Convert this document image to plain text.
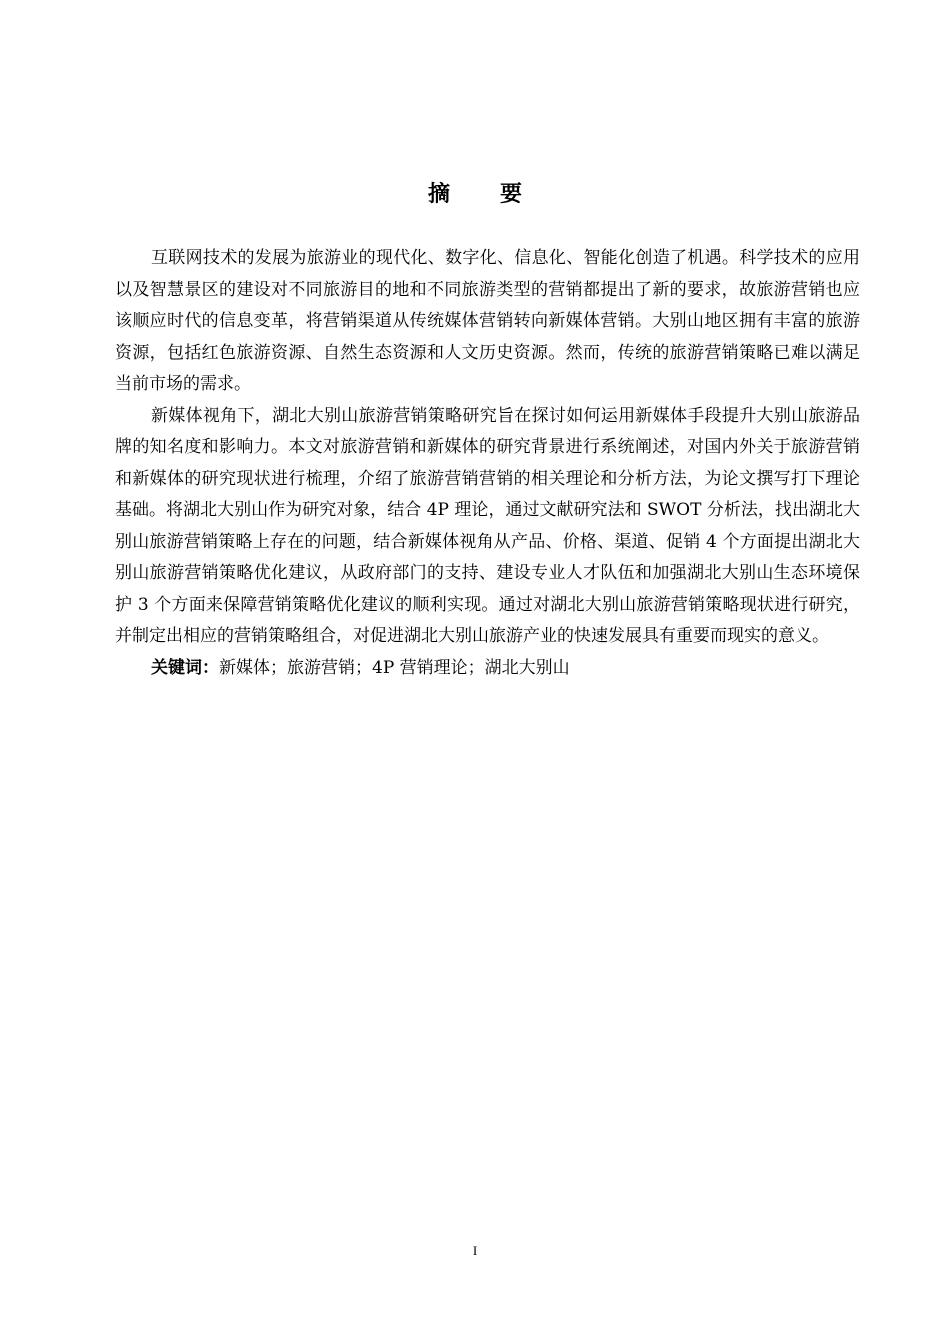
摘要

互联网技术的发展为旅游业的现代化、数字化、信息化、智能化创造了机遇。科学技术的应用以及智慧景区的建设对不同旅游目的地和不同旅游类型的营销都提出了新的要求，故旅游营销也应该顺应时代的信息变革，将营销渠道从传统媒体营销转向新媒体营销。大别山地区拥有丰富的旅游资源，包括红色旅游资源、自然生态资源和人文历史资源。然而，传统的旅游营销策略已难以满足当前市场的需求。

新媒体视角下，湖北大别山旅游营销策略研究旨在探讨如何运用新媒体手段提升大别山旅游品牌的知名度和影响力。本文对旅游营销和新媒体的研究背景进行系统阐述，对国内外关于旅游营销和新媒体的研究现状进行梳理，介绍了旅游营销营销的相关理论和分析方法，为论文撰写打下理论基础。将湖北大别山作为研究对象，结合 4P 理论，通过文献研究法和 SWOT 分析法，找出湖北大别山旅游营销策略上存在的问题，结合新媒体视角从产品、价格、渠道、促销 4 个方面提出湖北大别山旅游营销策略优化建议，从政府部门的支持、建设专业人才队伍和加强湖北大别山生态环境保护 3 个方面来保障营销策略优化建议的顺利实现。通过对湖北大别山旅游营销策略现状进行研究，并制定出相应的营销策略组合，对促进湖北大别山旅游产业的快速发展具有重要而现实的意义。

关键词：新媒体；旅游营销；4P 营销理论；湖北大别山

I
